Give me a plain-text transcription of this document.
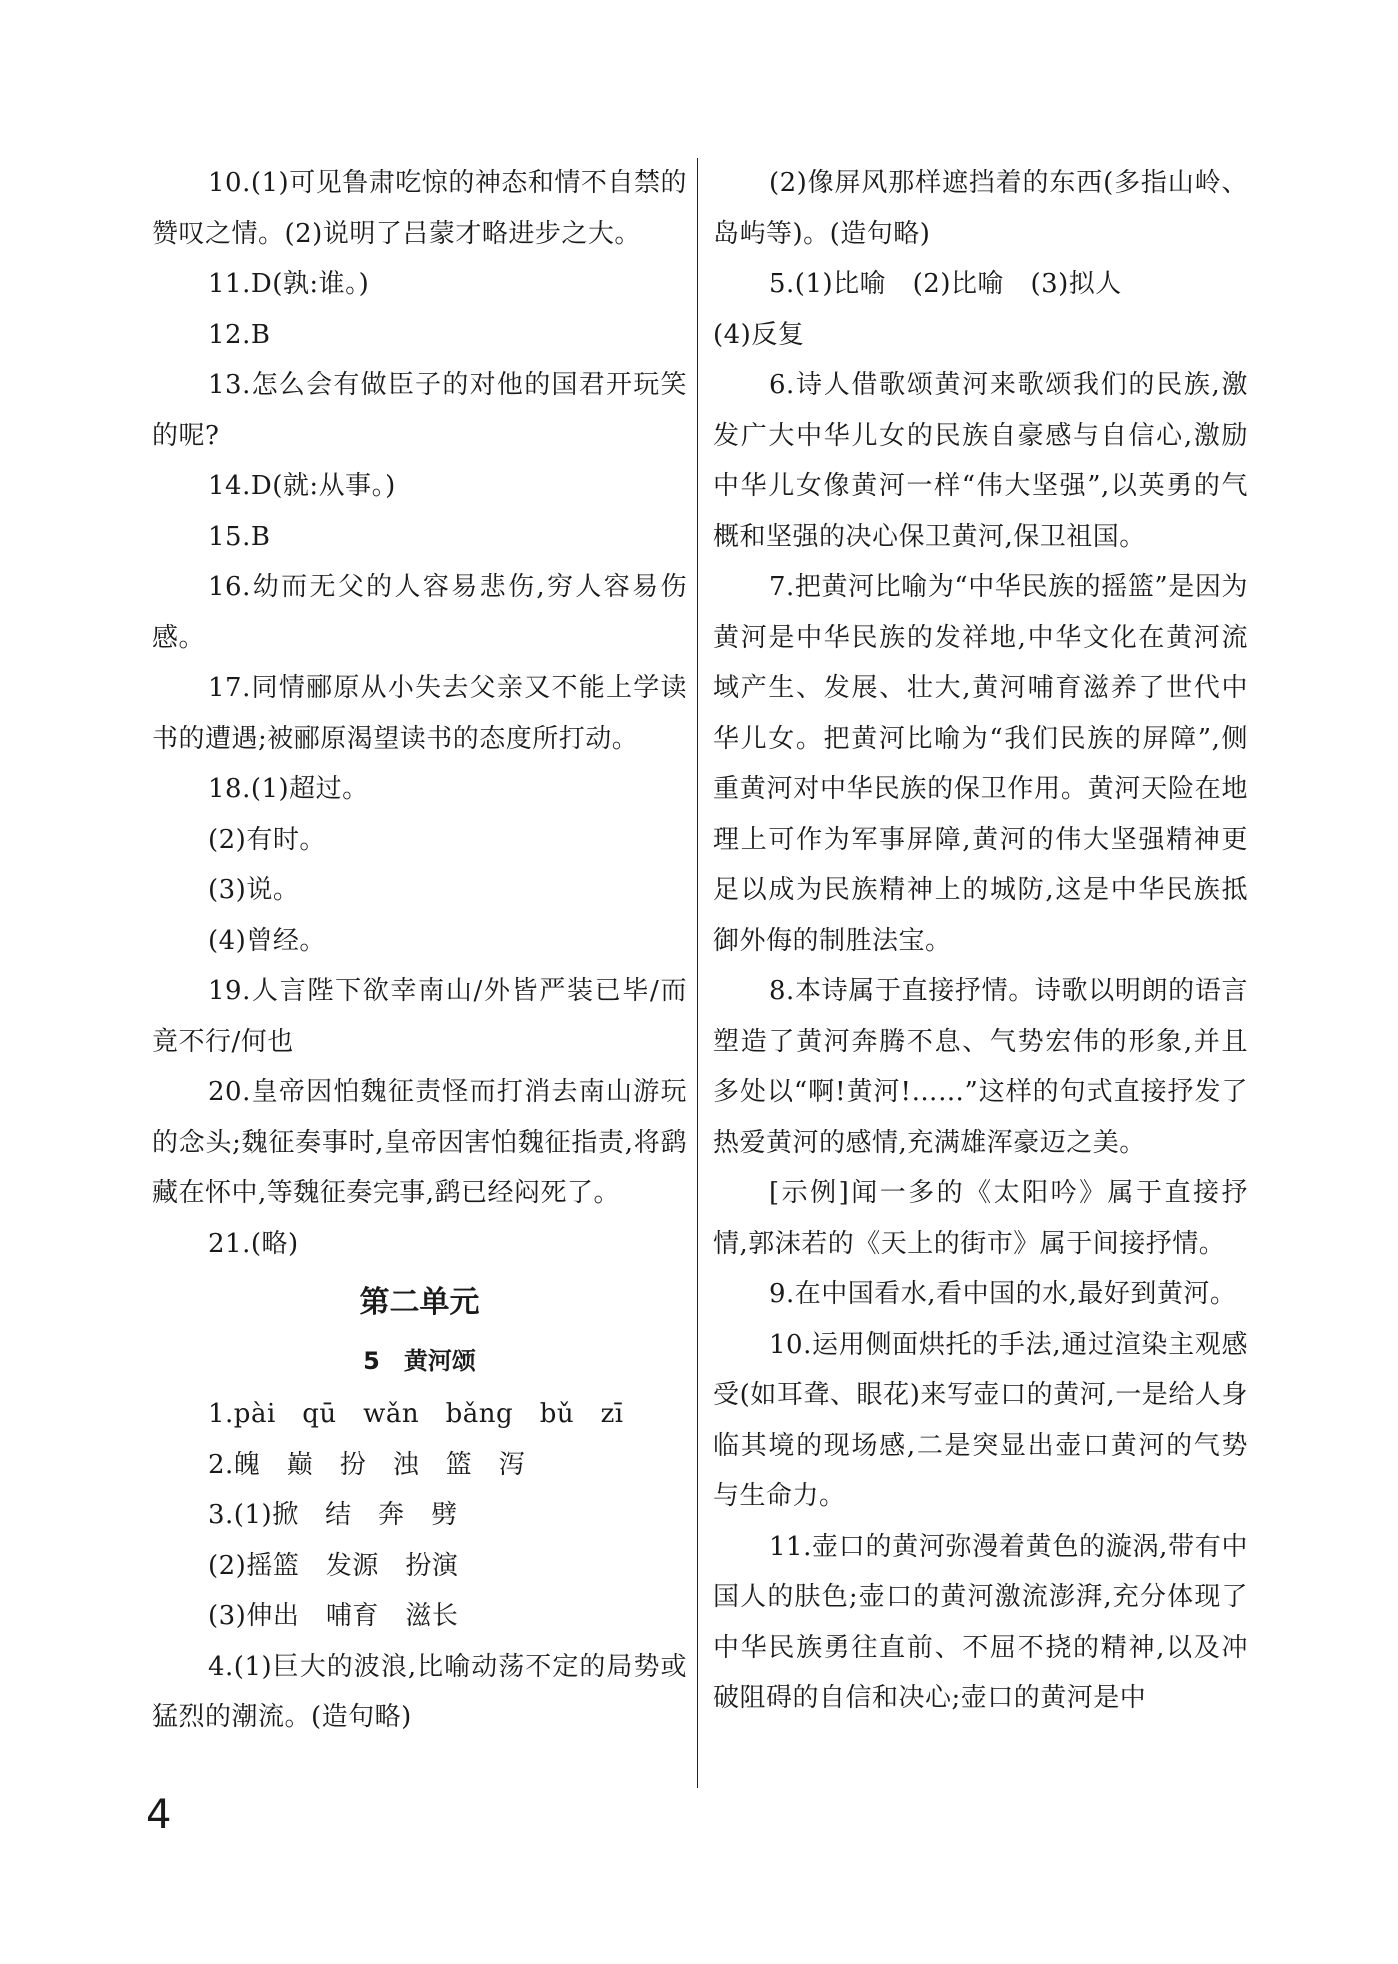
10.(1)可见鲁肃吃惊的神态和情不自禁的赞叹之情。(2)说明了吕蒙才略进步之大。

11.D(孰:谁。)

12.B

13.怎么会有做臣子的对他的国君开玩笑的呢?

14.D(就:从事。)

15.B

16.幼而无父的人容易悲伤,穷人容易伤感。

17.同情郦原从小失去父亲又不能上学读书的遭遇;被郦原渴望读书的态度所打动。

18.(1)超过。

(2)有时。

(3)说。

(4)曾经。

19.人言陛下欲幸南山/外皆严装已毕/而竟不行/何也

20.皇帝因怕魏征责怪而打消去南山游玩的念头;魏征奏事时,皇帝因害怕魏征指责,将鹞藏在怀中,等魏征奏完事,鹞已经闷死了。

21.(略)

第二单元

5　黄河颂

1.pài　qū　wǎn　bǎng　bǔ　zī

2.魄　巅　扮　浊　篮　泻

3.(1)掀　结　奔　劈

(2)摇篮　发源　扮演

(3)伸出　哺育　滋长

4.(1)巨大的波浪,比喻动荡不定的局势或猛烈的潮流。(造句略)

(2)像屏风那样遮挡着的东西(多指山岭、岛屿等)。(造句略)

5.(1)比喻　(2)比喻　(3)拟人

(4)反复

6.诗人借歌颂黄河来歌颂我们的民族,激发广大中华儿女的民族自豪感与自信心,激励中华儿女像黄河一样“伟大坚强”,以英勇的气概和坚强的决心保卫黄河,保卫祖国。

7.把黄河比喻为“中华民族的摇篮”是因为黄河是中华民族的发祥地,中华文化在黄河流域产生、发展、壮大,黄河哺育滋养了世代中华儿女。把黄河比喻为“我们民族的屏障”,侧重黄河对中华民族的保卫作用。黄河天险在地理上可作为军事屏障,黄河的伟大坚强精神更足以成为民族精神上的城防,这是中华民族抵御外侮的制胜法宝。

8.本诗属于直接抒情。诗歌以明朗的语言塑造了黄河奔腾不息、气势宏伟的形象,并且多处以“啊!黄河!……”这样的句式直接抒发了热爱黄河的感情,充满雄浑豪迈之美。

[示例]闻一多的《太阳吟》属于直接抒情,郭沫若的《天上的街市》属于间接抒情。

9.在中国看水,看中国的水,最好到黄河。

10.运用侧面烘托的手法,通过渲染主观感受(如耳聋、眼花)来写壶口的黄河,一是给人身临其境的现场感,二是突显出壶口黄河的气势与生命力。

11.壶口的黄河弥漫着黄色的漩涡,带有中国人的肤色;壶口的黄河激流澎湃,充分体现了中华民族勇往直前、不屈不挠的精神,以及冲破阻碍的自信和决心;壶口的黄河是中

4
